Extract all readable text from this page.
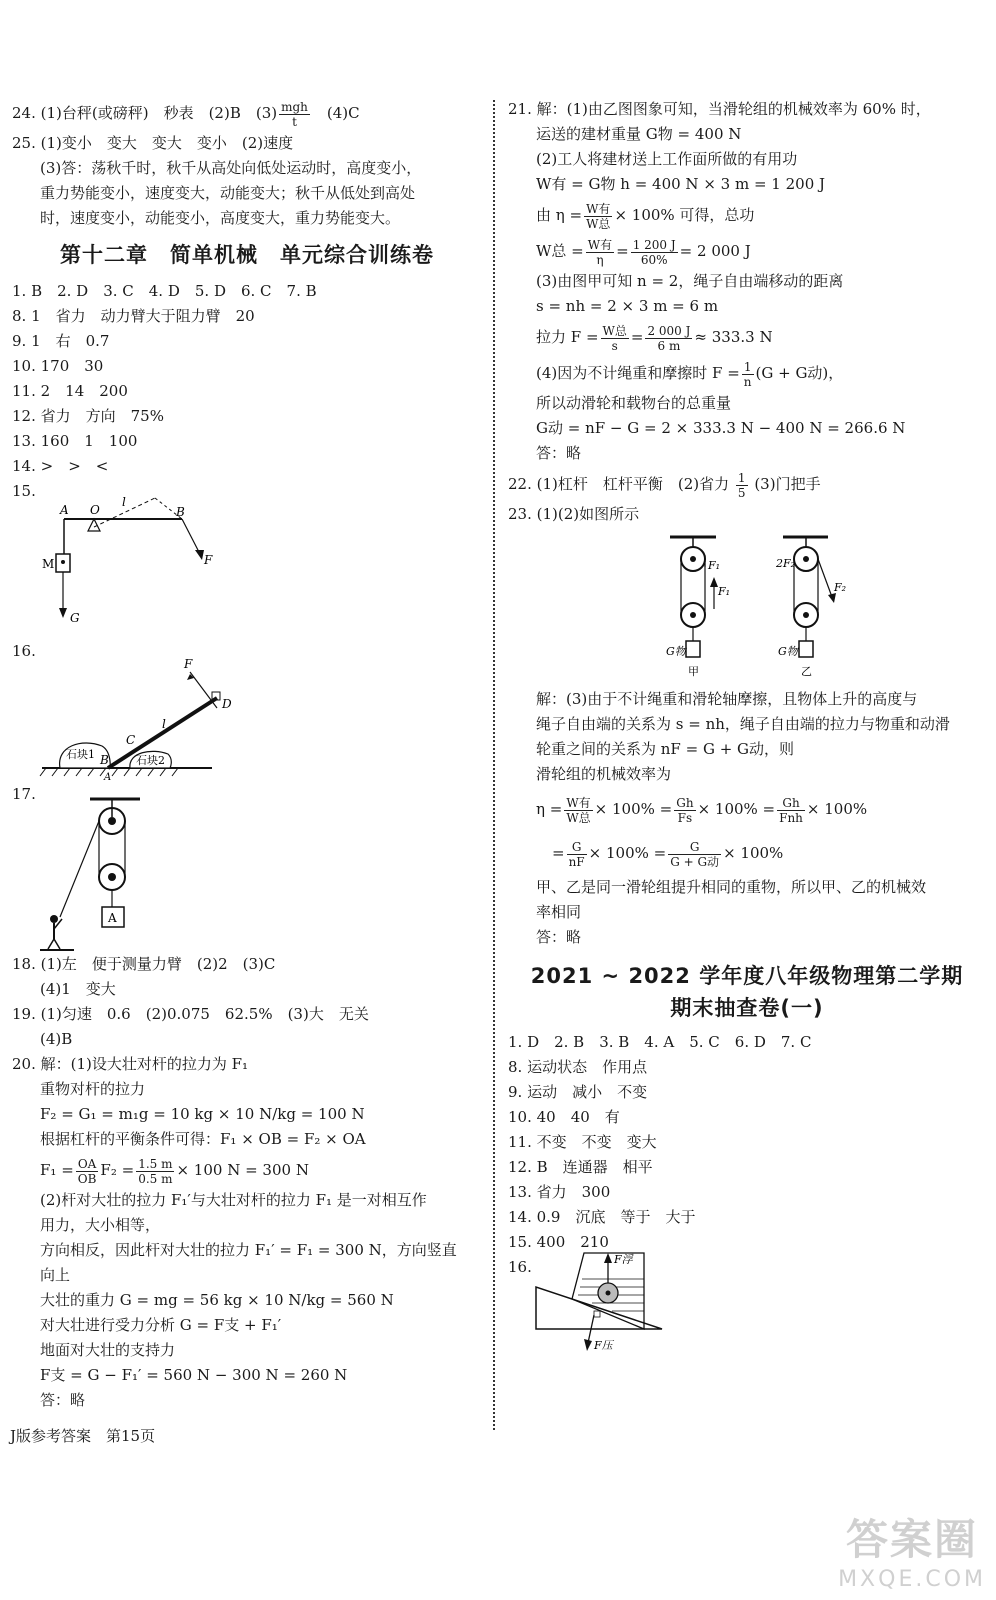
24. (1)台秤(或磅秤)　秒表　(2)B　$(3) \frac{\text{mgh}}{t}$ 　(4)C
25. (1)变小　变大　变大　变小　(2)速度
(3)答：荡秋千时，秋千从高处向低处运动时，高度变小，
重力势能变小，速度变大，动能变大；秋千从低处到高处
时，速度变小，动能变小，高度变大，重力势能变大。
第十二章　简单机械　单元综合训练卷
1. B　2. D　3. C　4. D　5. D　6. C　7. B
8. 1　省力　动力臂大于阻力臂　20
9. 1　右　0.7
10. 170　30
11. 2　14　200
12. 省力　方向　75%
13. 160　1　100
14. >　>　<
15.
A O
l
B
F
M
G
16.
F
D
l
C
B
石块1	石块2
A
17.
A
18. (1)左　便于测量力臂　(2)2　(3)C
(4)1　变大
19. (1)匀速　0.6　(2)0.075　62.5%　(3)大　无关
(4)B
20. 解：(1)设大壮对杆的拉力为 F₁
重物对杆的拉力
F₂ = G₁ = m₁g = 10 kg × 10 N/kg = 100 N
根据杠杆的平衡条件可得：F₁ × OB = F₂ × OA
$F_1 = \frac{OA}{OB} F_2 = \frac{1.5 m}{0.5 m} \times 100$ N = 300 N
(2)杆对大壮的拉力 F₁′与大壮对杆的拉力 F₁ 是一对相互作
用力，大小相等，
方向相反，因此杆对大壮的拉力 F₁′ = F₁ = 300 N，方向竖直
向上
大壮的重力 G = mg = 56 kg × 10 N/kg = 560 N
对大壮进行受力分析 G = F支 + F₁′
地面对大壮的支持力
F支 = G − F₁′ = 560 N − 300 N = 260 N
答：略
21. 解：(1)由乙图图象可知，当滑轮组的机械效率为 60% 时，
运送的建材重量 G物 = 400 N
(2)工人将建材送上工作面所做的有用功
W有 = G物 h = 400 N × 3 m = 1 200 J
由 $\eta = \frac{\text{W有}}{\text{W总}} \times 100\%$ 可得，总功
W总 = $\frac{\text{W有}}{\eta} = \frac{1 200 J}{60\%} = 2$ 000 J
(3)由图甲可知 n = 2，绳子自由端移动的距离
s = nh = 2 × 3 m = 6 m
拉力 $F = \frac{\text{W总}}{s} = \frac{2 000 J}{6 m} \approx 333.3$ N
(4)因为不计绳重和摩擦时 $F = \frac{1}{n} (G + G$动)，
所以动滑轮和载物台的总重量
G动 = nF − G = 2 × 333.3 N − 400 N = 266.6 N
答：略
22. (1)杠杆　杠杆平衡　(2)省力 $\frac{1}{5} (3)$门把手
23. (1)(2)如图所示
F₁
F₁
G物
甲
2F₂
F₂
G物
乙
解：(3)由于不计绳重和滑轮轴摩擦，且物体上升的高度与
绳子自由端的关系为 s = nh，绳子自由端的拉力与物重和动滑
轮重之间的关系为 nF = G + G动，则
滑轮组的机械效率为
$\eta = \frac{\text{W有}}{\text{W总}} \times 100\% = \frac{Gh}{Fs} \times 100\% = \frac{Gh}{\text{Fnh}} \times 100\%$
= $\frac{G}{nF} \times 100\% = \frac{G}{\text{G + G动}} \times 100\%$
甲、乙是同一滑轮组提升相同的重物，所以甲、乙的机械效
率相同
答：略
2021 ~ 2022 学年度八年级物理第二学期
期末抽查卷(一)
1. D　2. B　3. B　4. A　5. C　6. D　7. C
8. 运动状态　作用点
9. 运动　减小　不变
10. 40　40　有
11. 不变　不变　变大
12. B　连通器　相平
13. 省力　300
14. 0.9　沉底　等于　大于
15. 400　210
16.	F浮
F压
J版参考答案　第15页
答案圈
MXQE.COM
